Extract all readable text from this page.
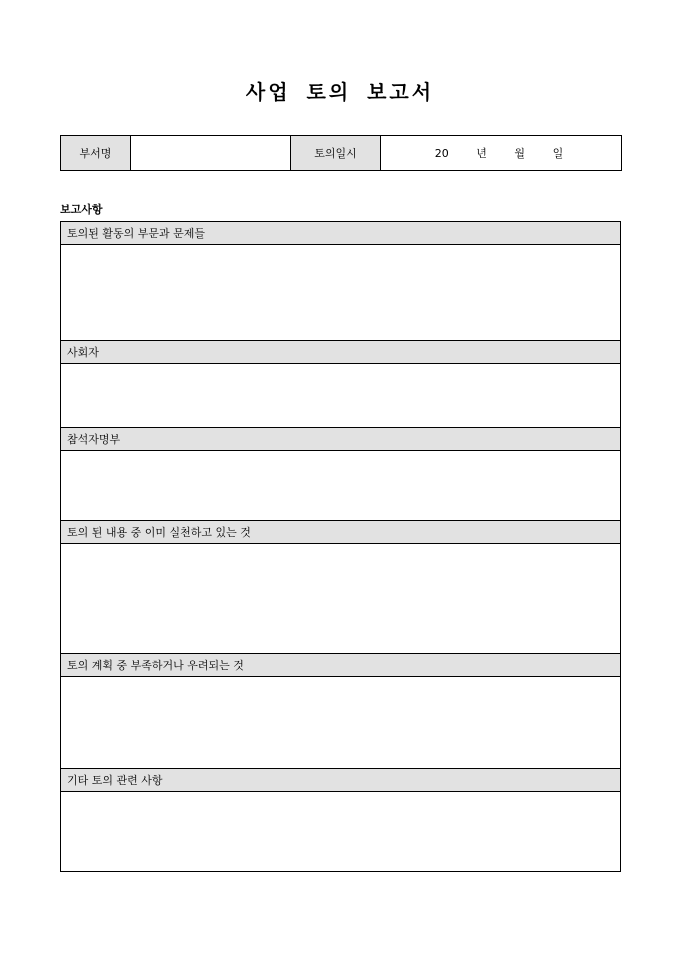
사업 토의 보고서
부서명		토의일시	20	년	월	일
보고사항
토의된 활동의 부문과 문제들
사회자
참석자명부
토의 된 내용 중 이미 실천하고 있는 것
토의 계획 중 부족하거나 우려되는 것
기타 토의 관련 사항
